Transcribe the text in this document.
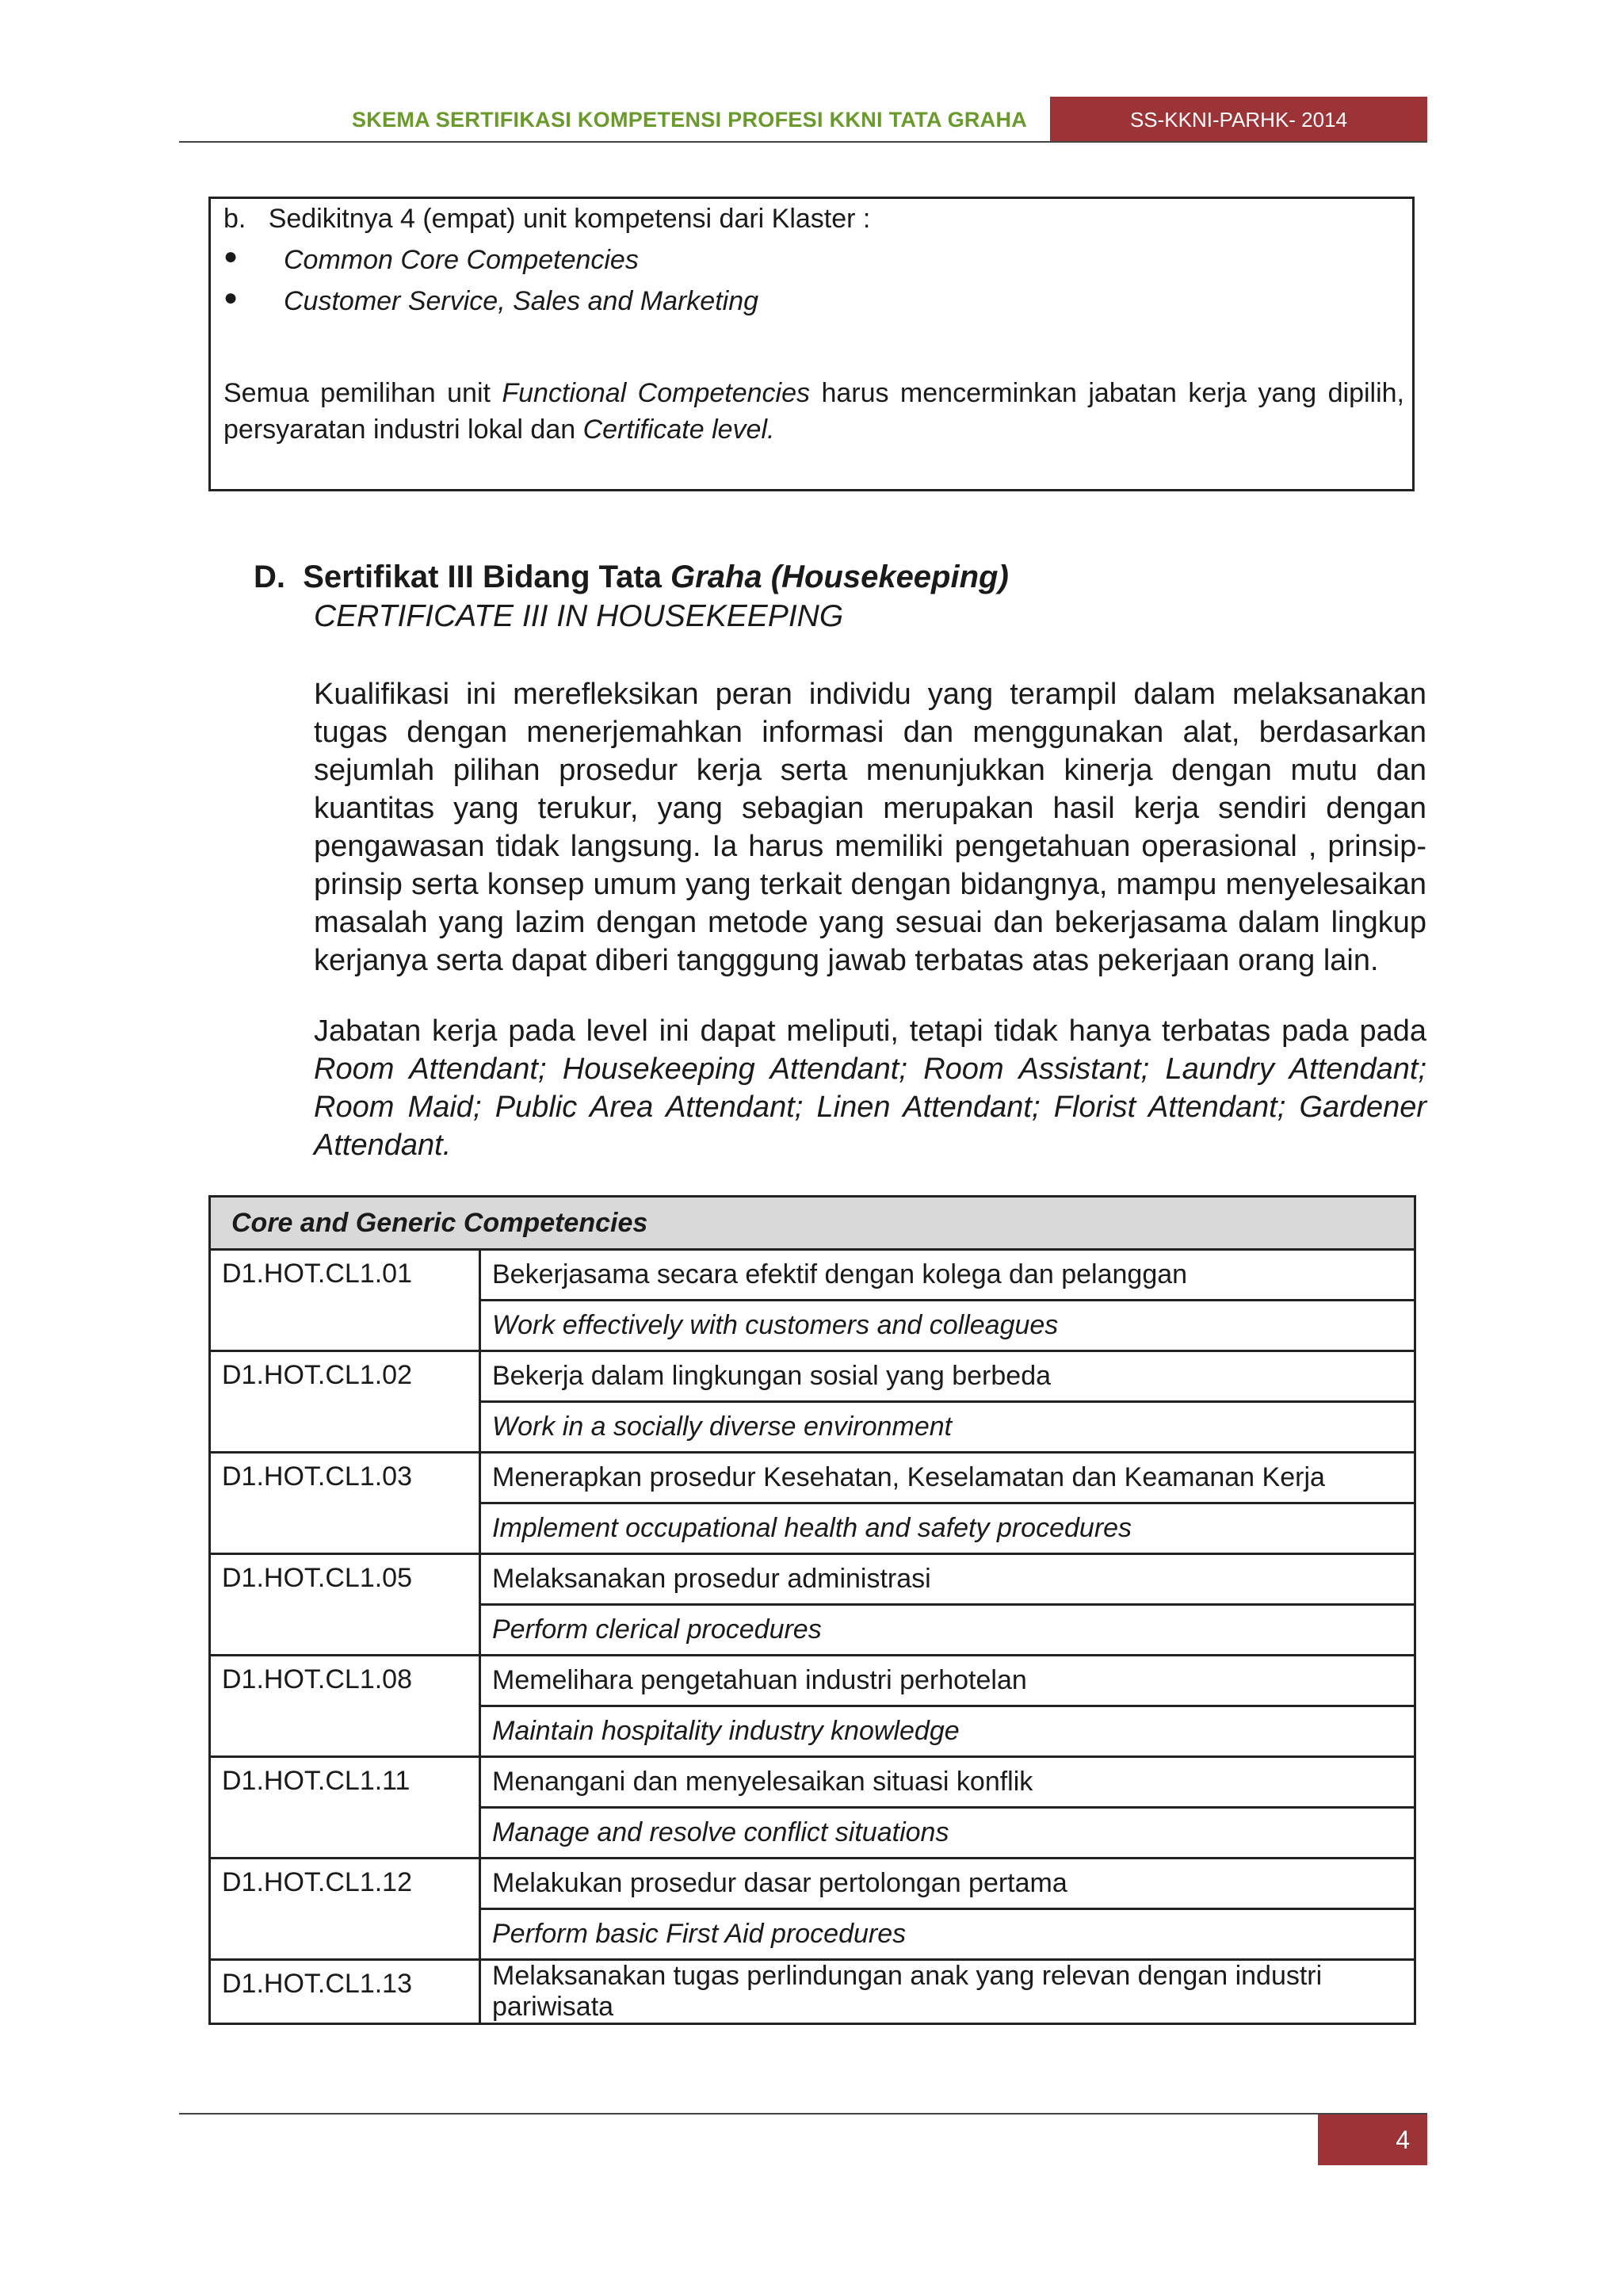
SKEMA SERTIFIKASI KOMPETENSI PROFESI KKNI TATA GRAHA	SS-KKNI-PARHK- 2014
b.   Sedikitnya 4 (empat) unit kompetensi dari Klaster :
● Common Core Competencies
● Customer Service, Sales and Marketing
Semua pemilihan unit Functional Competencies harus mencerminkan jabatan kerja yang dipilih, persyaratan industri lokal dan Certificate level.
D. Sertifikat III Bidang Tata Graha (Housekeeping)
CERTIFICATE III IN HOUSEKEEPING
Kualifikasi ini merefleksikan peran individu yang terampil dalam melaksanakan tugas dengan menerjemahkan informasi dan menggunakan alat, berdasarkan sejumlah pilihan prosedur kerja serta menunjukkan kinerja dengan mutu dan kuantitas yang terukur, yang sebagian merupakan hasil kerja sendiri dengan pengawasan tidak langsung. Ia harus memiliki pengetahuan operasional , prinsip-prinsip serta konsep umum yang terkait dengan bidangnya, mampu menyelesaikan masalah yang lazim dengan metode yang sesuai dan bekerjasama dalam lingkup kerjanya serta dapat diberi tangggung jawab terbatas atas pekerjaan orang lain.
Jabatan kerja pada level ini dapat meliputi, tetapi tidak hanya terbatas pada pada Room Attendant; Housekeeping Attendant; Room Assistant; Laundry Attendant; Room Maid; Public Area Attendant; Linen Attendant; Florist Attendant; Gardener Attendant.
Core and Generic Competencies	
D1.HOT.CL1.01	Bekerjasama secara efektif dengan kolega dan pelanggan
	Work effectively with customers and colleagues
D1.HOT.CL1.02	Bekerja dalam lingkungan sosial yang berbeda
	Work in a socially diverse environment
D1.HOT.CL1.03	Menerapkan prosedur Kesehatan, Keselamatan dan Keamanan Kerja
	Implement occupational health and safety procedures
D1.HOT.CL1.05	Melaksanakan prosedur administrasi
	Perform clerical procedures
D1.HOT.CL1.08	Memelihara pengetahuan industri perhotelan
	Maintain hospitality industry knowledge
D1.HOT.CL1.11	Menangani dan menyelesaikan situasi konflik
	Manage and resolve conflict situations
D1.HOT.CL1.12	Melakukan prosedur dasar pertolongan pertama
	Perform basic First Aid procedures
D1.HOT.CL1.13	Melaksanakan tugas perlindungan anak yang relevan dengan industri pariwisata
4
